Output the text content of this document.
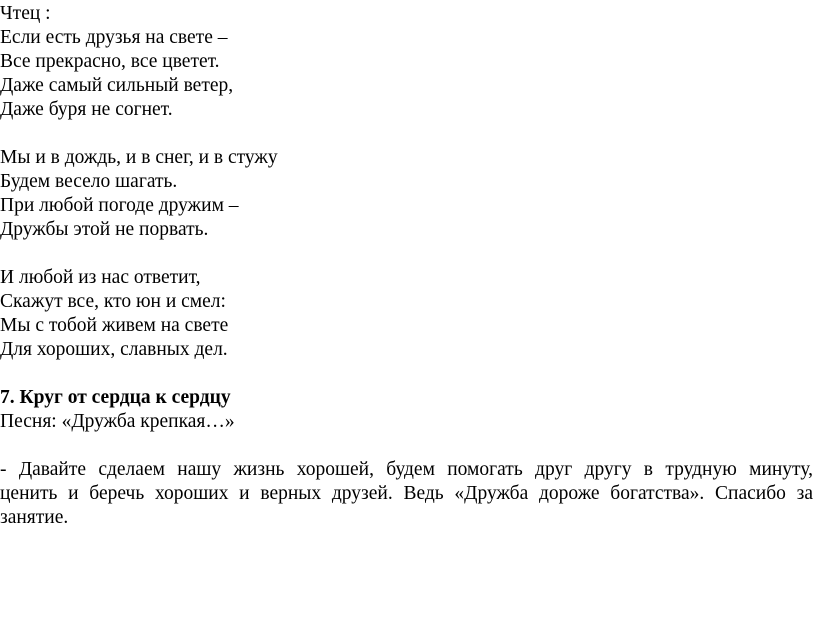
Чтец :
Если есть друзья на свете –
Все прекрасно, все цветет.
Даже самый сильный ветер,
Даже буря не согнет.
Мы и в дождь, и в снег, и в стужу
Будем весело шагать.
При любой погоде дружим –
Дружбы этой не порвать.
И любой из нас ответит,
Скажут все, кто юн и смел:
Мы с тобой живем на свете
Для хороших, славных дел.
7. Круг от сердца к сердцу
Песня: «Дружба крепкая…»
- Давайте сделаем нашу жизнь хорошей, будем помогать друг другу в трудную минуту,
ценить и беречь хороших и верных друзей. Ведь «Дружба дороже богатства». Спасибо за
занятие.
